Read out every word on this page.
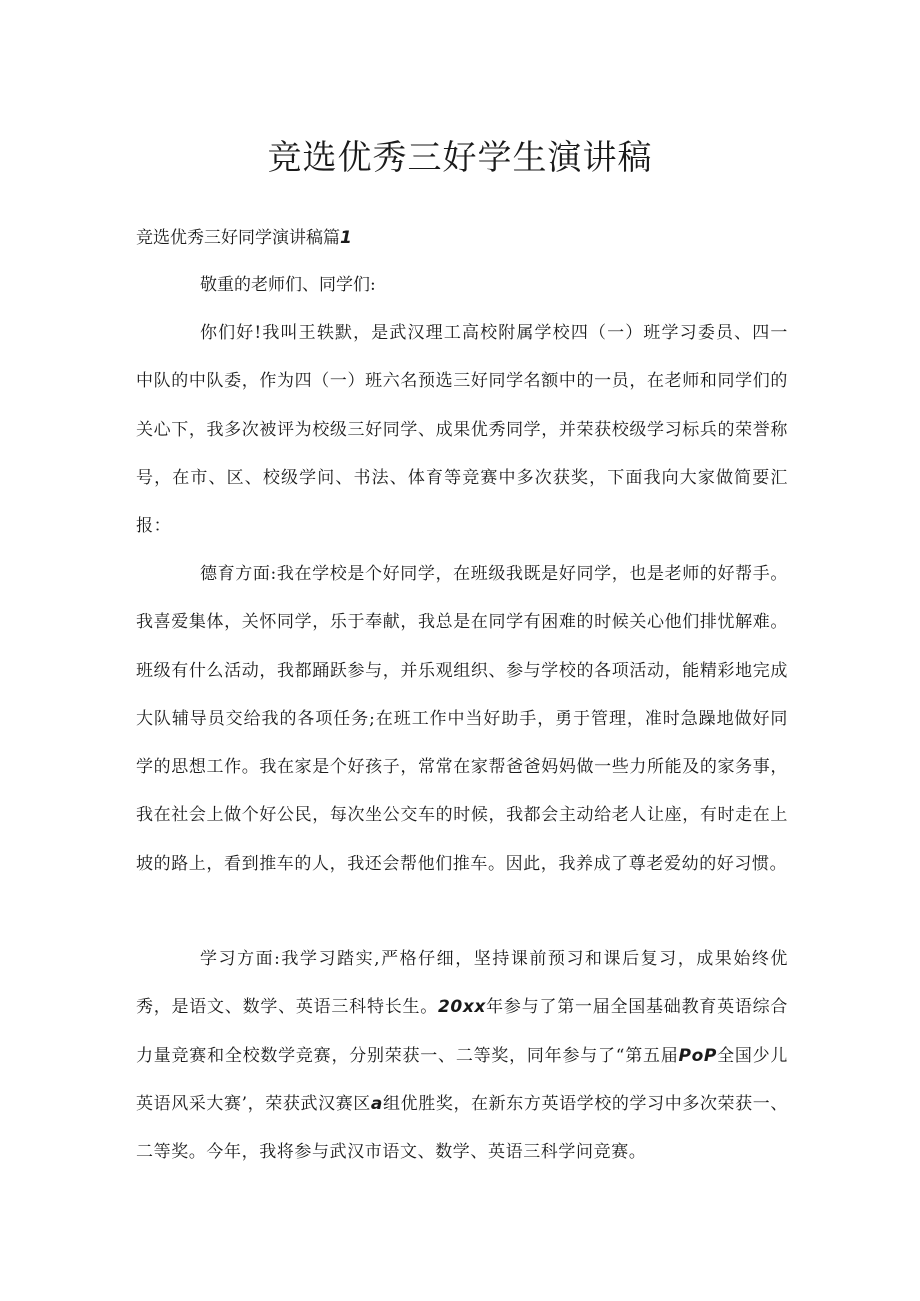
竞选优秀三好学生演讲稿

竞选优秀三好同学演讲稿篇1

敬重的老师们、同学们:

你们好!我叫王轶默，是武汉理工高校附属学校四（一）班学习委员、四一中队的中队委，作为四（一）班六名预选三好同学名额中的一员，在老师和同学们的关心下，我多次被评为校级三好同学、成果优秀同学，并荣获校级学习标兵的荣誉称号，在市、区、校级学问、书法、体育等竞赛中多次获奖，下面我向大家做简要汇报：

德育方面:我在学校是个好同学，在班级我既是好同学，也是老师的好帮手。我喜爱集体，关怀同学，乐于奉献，我总是在同学有困难的时候关心他们排忧解难。班级有什么活动，我都踊跃参与，并乐观组织、参与学校的各项活动，能精彩地完成大队辅导员交给我的各项任务;在班工作中当好助手，勇于管理，准时急躁地做好同学的思想工作。我在家是个好孩子，常常在家帮爸爸妈妈做一些力所能及的家务事，我在社会上做个好公民，每次坐公交车的时候，我都会主动给老人让座，有时走在上坡的路上，看到推车的人，我还会帮他们推车。因此，我养成了尊老爱幼的好习惯。

学习方面:我学习踏实,严格仔细，坚持课前预习和课后复习，成果始终优秀，是语文、数学、英语三科特长生。20xx年参与了第一届全国基础教育英语综合力量竞赛和全校数学竞赛，分别荣获一、二等奖，同年参与了“第五届PoP全国少儿英语风采大赛’，荣获武汉赛区a组优胜奖，在新东方英语学校的学习中多次荣获一、二等奖。今年，我将参与武汉市语文、数学、英语三科学问竞赛。
